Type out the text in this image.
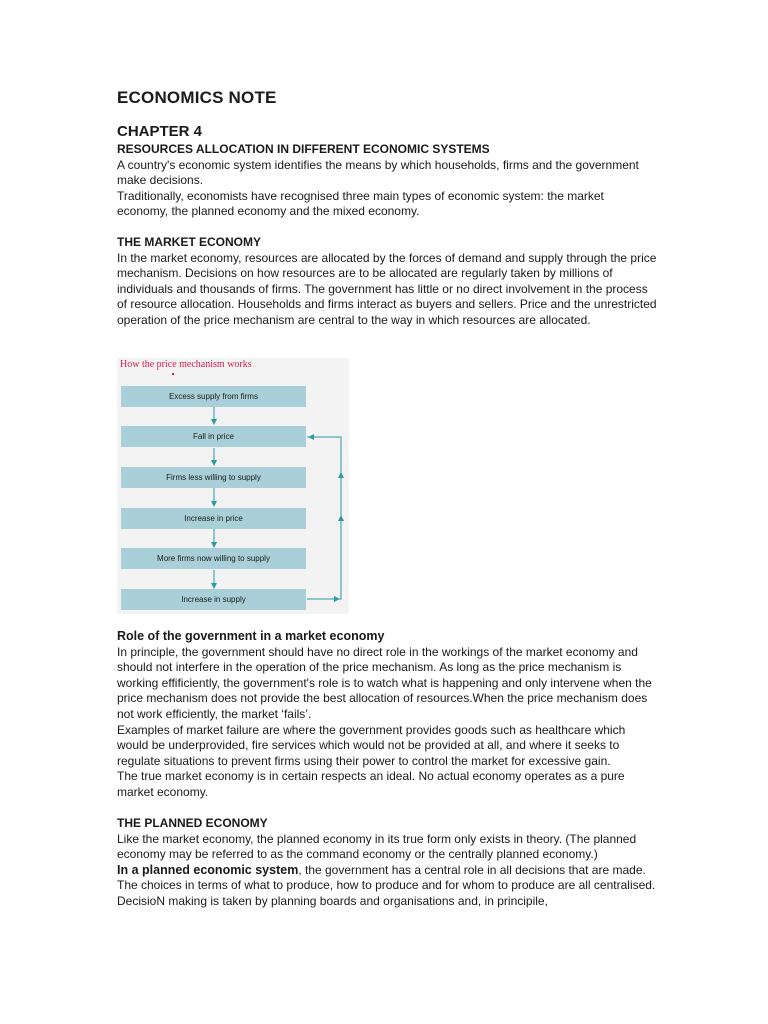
ECONOMICS NOTE
CHAPTER 4
RESOURCES ALLOCATION IN DIFFERENT ECONOMIC SYSTEMS
A country's economic system identifies the means by which households, firms and the government make decisions.
Traditionally, economists have recognised three main types of economic system: the market economy, the planned economy and the mixed economy.
THE MARKET ECONOMY
In the market economy, resources are allocated by the forces of demand and supply through the price mechanism. Decisions on how resources are to be allocated are regularly taken by millions of individuals and thousands of firms. The government has little or no direct involvement in the process of resource allocation. Households and firms interact as buyers and sellers. Price and the unrestricted operation of the price mechanism are central to the way in which resources are allocated.
Role of the government in a market economy
In principle, the government should have no direct role in the workings of the market economy and should not interfere in the operation of the price mechanism. As long as the price mechanism is working effificiently, the government's role is to watch what is happening and only intervene when the price mechanism does not provide the best allocation of resources.When the price mechanism does not work efficiently, the market ‘fails’.
Examples of market failure are where the government provides goods such as healthcare which would be underprovided, fire services which would not be provided at all, and where it seeks to regulate situations to prevent firms using their power to control the market for excessive gain.
The true market economy is in certain respects an ideal. No actual economy operates as a pure market economy.
THE PLANNED ECONOMY
Like the market economy, the planned economy in its true form only exists in theory. (The planned economy may be referred to as the command economy or the centrally planned economy.)
In a planned economic system, the government has a central role in all decisions that are made. The choices in terms of what to produce, how to produce and for whom to produce are all centralised. DecisioN making is taken by planning boards and organisations and, in principile,
How the price mechanism works
Excess supply from firms
Fall in price
Firms less willing to supply
Increase in price
More firms now willing to supply
Increase in supply
